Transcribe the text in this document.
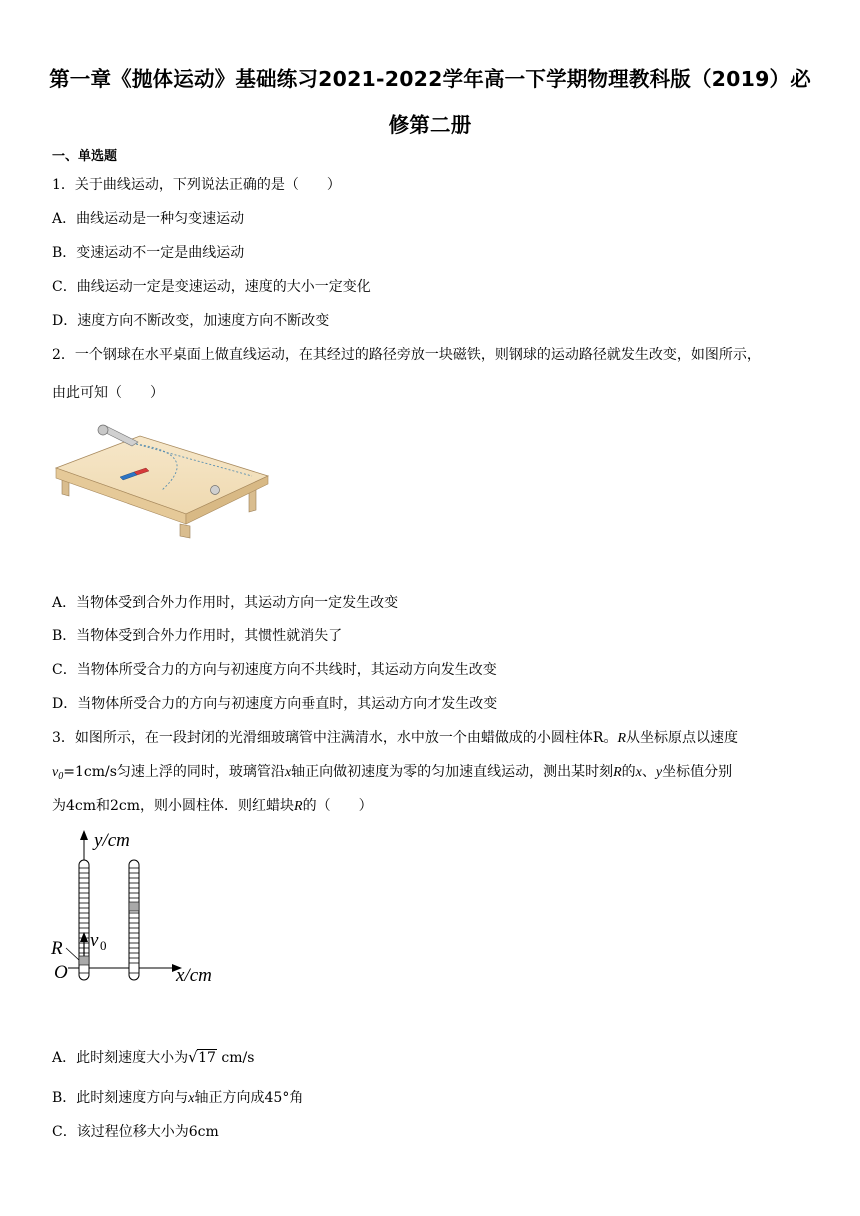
第一章《抛体运动》基础练习2021-2022学年高一下学期物理教科版（2019）必
修第二册
一、单选题
1．关于曲线运动，下列说法正确的是（　　）
A．曲线运动是一种匀变速运动
B．变速运动不一定是曲线运动
C．曲线运动一定是变速运动，速度的大小一定变化
D．速度方向不断改变，加速度方向不断改变
2．一个钢球在水平桌面上做直线运动，在其经过的路径旁放一块磁铁，则钢球的运动路径就发生改变，如图所示，
由此可知（　　）
A．当物体受到合外力作用时，其运动方向一定发生改变
B．当物体受到合外力作用时，其惯性就消失了
C．当物体所受合力的方向与初速度方向不共线时，其运动方向发生改变
D．当物体所受合力的方向与初速度方向垂直时，其运动方向才发生改变
3．如图所示，在一段封闭的光滑细玻璃管中注满清水，水中放一个由蜡做成的小圆柱体R。R从坐标原点以速度
$v_0=1cm/s$匀速上浮的同时，玻璃管沿x轴正向做初速度为零的匀加速直线运动，测出某时刻R的x、y坐标值分别
为4cm和2cm，则小圆柱体．则红蜡块R的（　　）
y/cm
x/cm
R
O
v 0
A．此时刻速度大小为 √ 17 cm/s
B．此时刻速度方向与x轴正方向成45°角
C．该过程位移大小为6cm
